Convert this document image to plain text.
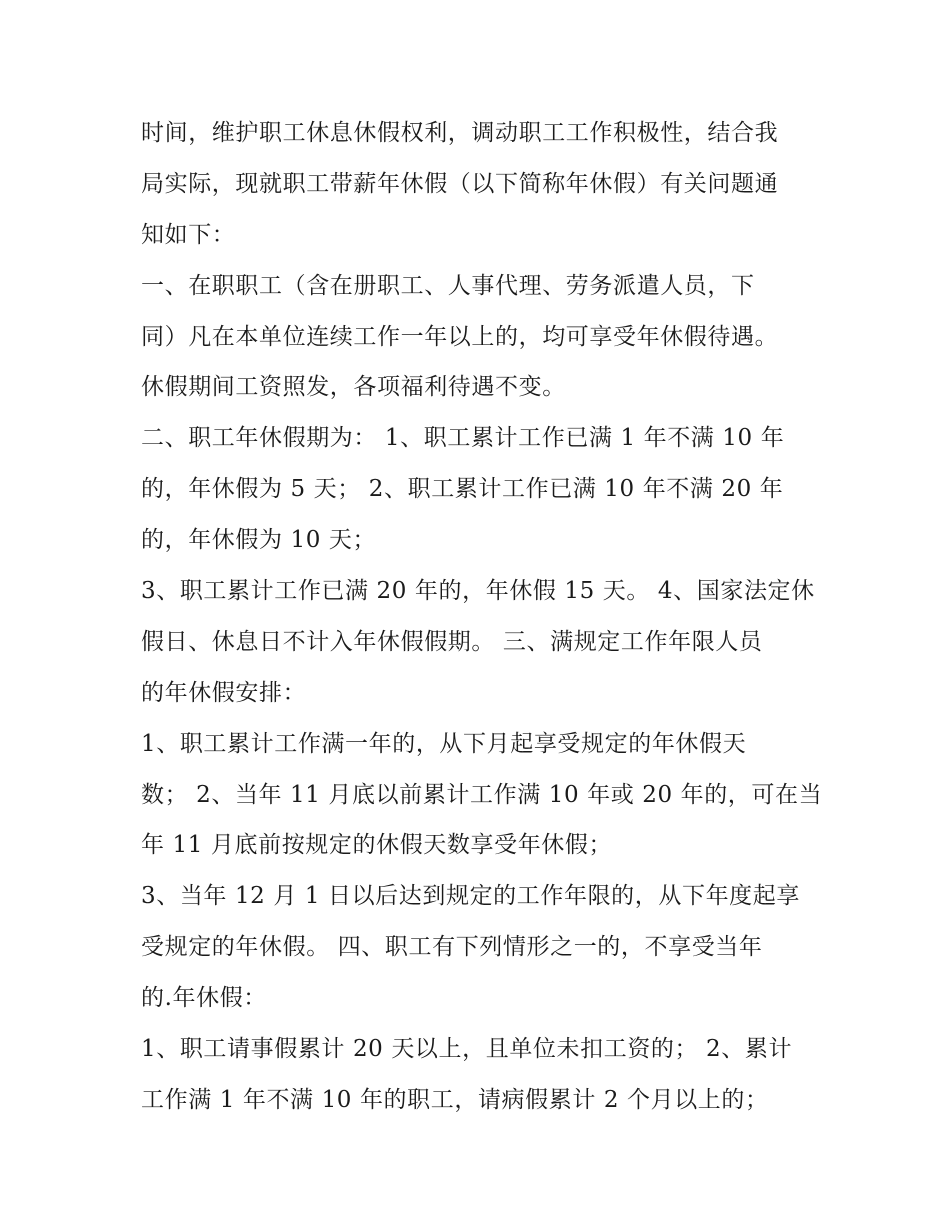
时间，维护职工休息休假权利，调动职工工作积极性，结合我
局实际，现就职工带薪年休假（以下简称年休假）有关问题通
知如下：
一、在职职工（含在册职工、人事代理、劳务派遣人员，下
同）凡在本单位连续工作一年以上的，均可享受年休假待遇。
休假期间工资照发，各项福利待遇不变。
二、职工年休假期为： 1、职工累计工作已满 1 年不满 10 年
的，年休假为 5 天； 2、职工累计工作已满 10 年不满 20 年
的，年休假为 10 天；
3、职工累计工作已满 20 年的，年休假 15 天。 4、国家法定休
假日、休息日不计入年休假假期。 三、满规定工作年限人员
的年休假安排：
1、职工累计工作满一年的，从下月起享受规定的年休假天
数； 2、当年 11 月底以前累计工作满 10 年或 20 年的，可在当
年 11 月底前按规定的休假天数享受年休假；
3、当年 12 月 1 日以后达到规定的工作年限的，从下年度起享
受规定的年休假。 四、职工有下列情形之一的，不享受当年
的.年休假：
1、职工请事假累计 20 天以上，且单位未扣工资的； 2、累计
工作满 1 年不满 10 年的职工，请病假累计 2 个月以上的；
